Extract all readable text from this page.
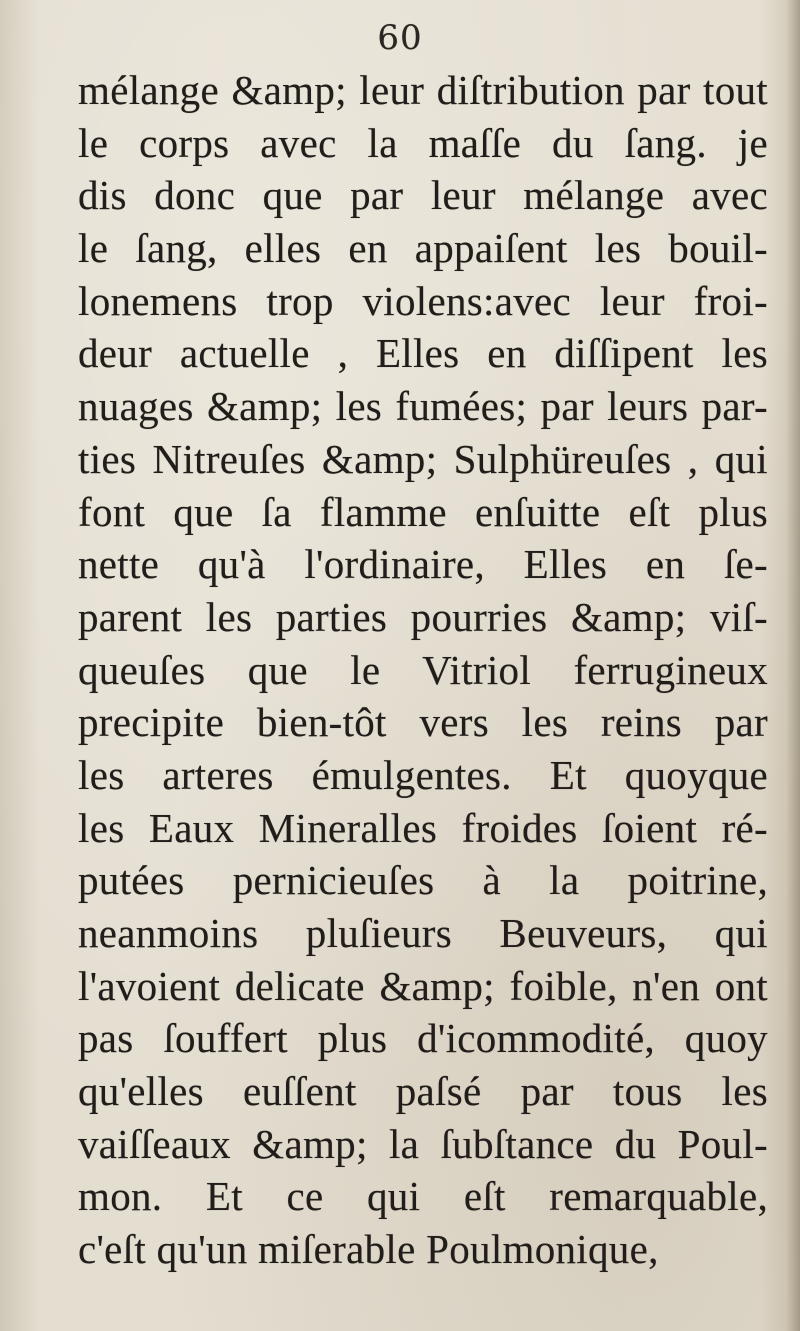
60
mélange &amp; leur diſtribution par tout
le corps avec la maſſe du ſang. je
dis donc que par leur mélange avec
le ſang, elles en appaiſent les bouil-
lonemens trop violens:avec leur froi-
deur actuelle , Elles en diſſipent les
nuages &amp; les fumées; par leurs par-
ties Nitreuſes &amp; Sulphüreuſes , qui
font que ſa flamme enſuitte eſt plus
nette qu'à l'ordinaire, Elles en ſe-
parent les parties pourries &amp; viſ-
queuſes que le Vitriol ferrugineux
precipite bien-tôt vers les reins par
les arteres émulgentes. Et quoyque
les Eaux Mineralles froides ſoient ré-
putées pernicieuſes à la poitrine,
neanmoins pluſieurs Beuveurs, qui
l'avoient delicate &amp; foible, n'en ont
pas ſouffert plus d'icommodité, quoy
qu'elles euſſent paſsé par tous les
vaiſſeaux &amp; la ſubſtance du Poul-
mon. Et ce qui eſt remarquable,
c'eſt qu'un miſerable Poulmonique,
